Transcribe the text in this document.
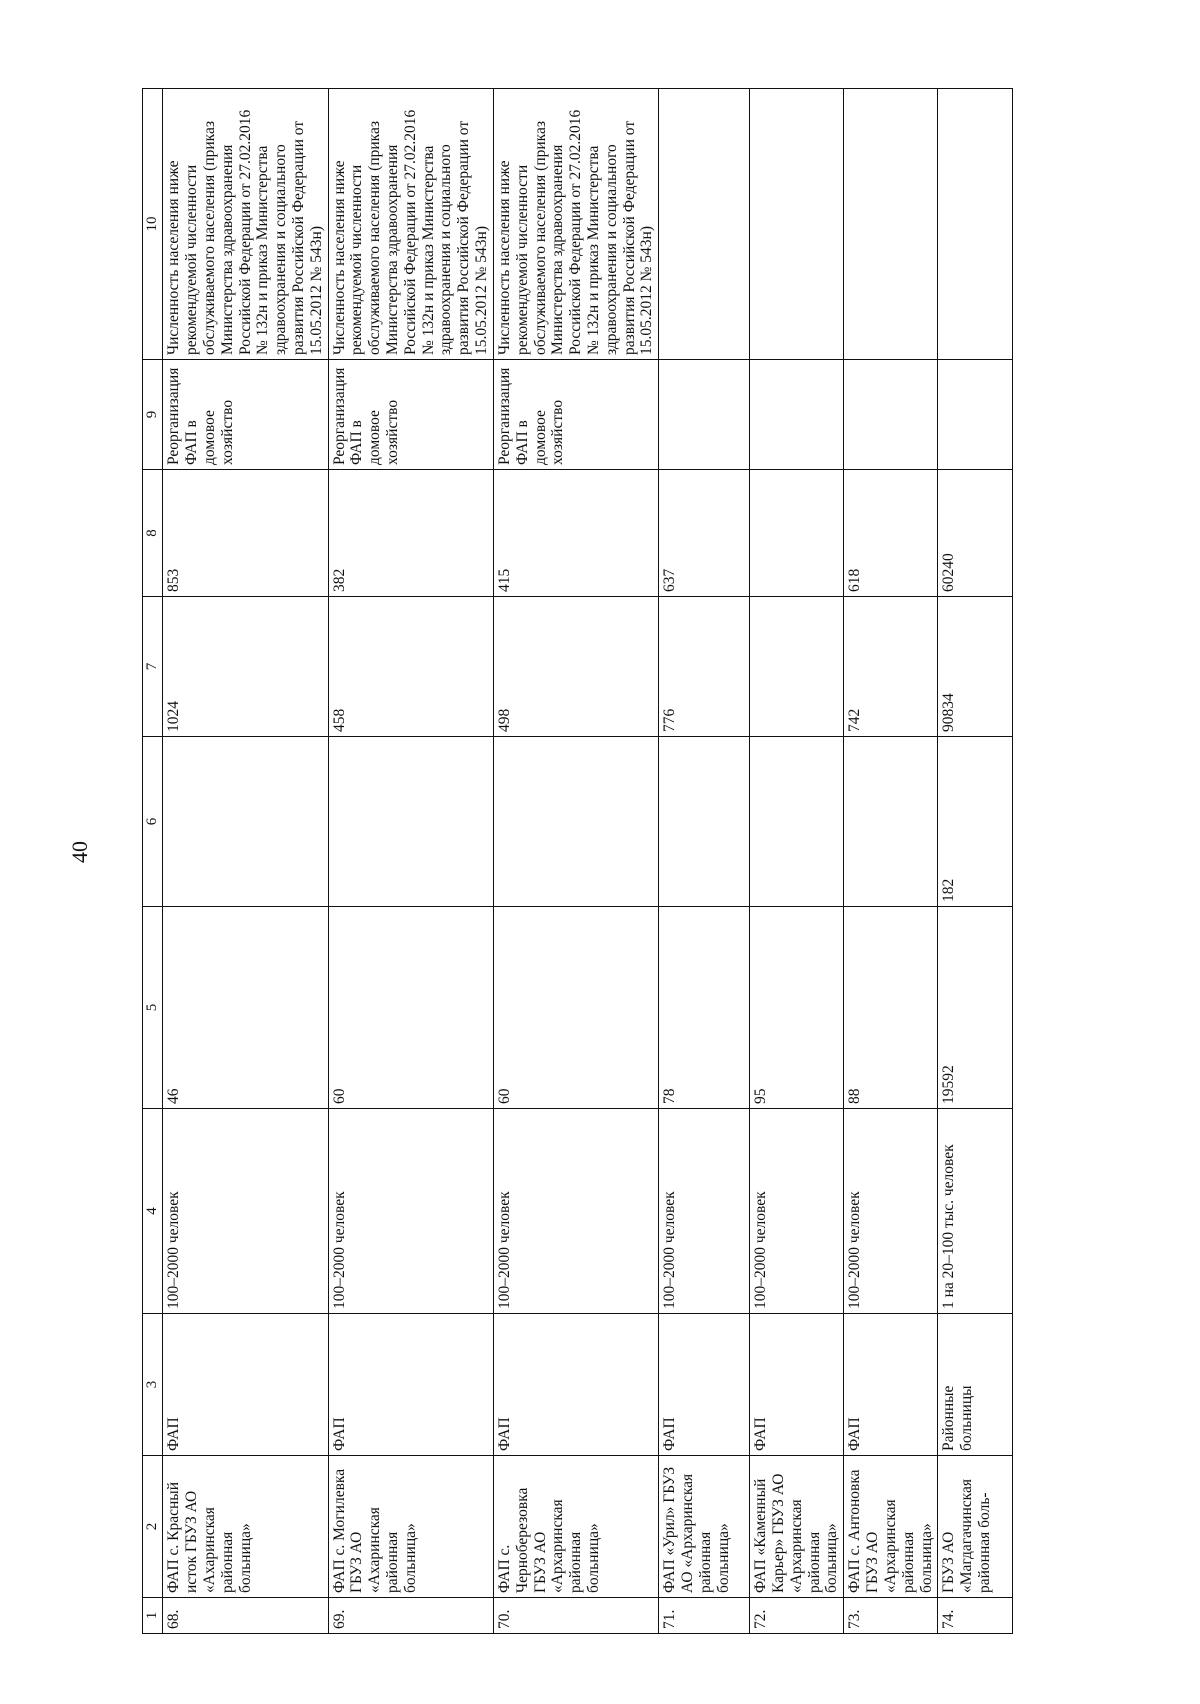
40
1	2	3	4	5	6	7	8	9	10
68.	ФАП с. Красный исток ГБУЗ АО «Ахаринская районная больница»	ФАП	100–2000 человек	46		1024	853	Реорганизация ФАП в домовое хозяйство	Численность населения ниже рекомендуемой численности обслуживаемого населения (приказ Министерства здравоохранения Российской Федерации от 27.02.2016 № 132н и приказ Министерства здравоохранения и социального развития Российской Федерации от 15.05.2012 № 543н)
69.	ФАП с. Могилевка ГБУЗ АО «Ахаринская районная больница»	ФАП	100–2000 человек	60		458	382	Реорганизация ФАП в домовое хозяйство	Численность населения ниже рекомендуемой численности обслуживаемого населения (приказ Министерства здравоохранения Российской Федерации от 27.02.2016 № 132н и приказ Министерства здравоохранения и социального развития Российской Федерации от 15.05.2012 № 543н)
70.	ФАП с. Чернoберезовка ГБУЗ АО «Архаринская районная больница»	ФАП	100–2000 человек	60		498	415	Реорганизация ФАП в домовое хозяйство	Численность населения ниже рекомендуемой численности обслуживаемого населения (приказ Министерства здравоохранения Российской Федерации от 27.02.2016 № 132н и приказ Министерства здравоохранения и социального развития Российской Федерации от 15.05.2012 № 543н)
71.	ФАП «Урил» ГБУЗ АО «Архаринская районная больница»	ФАП	100–2000 человек	78		776	637		
72.	ФАП «Каменный Карьер» ГБУЗ АО «Архаринская районная больница»	ФАП	100–2000 человек	95					
73.	ФАП с. Антоновка ГБУЗ АО «Архаринская районная больница»	ФАП	100–2000 человек	88		742	618		
74.	ГБУЗ АО «Магдагачинская районная боль-	Районные больницы	1 на 20–100 тыс. человек	19592	182	90834	60240		
